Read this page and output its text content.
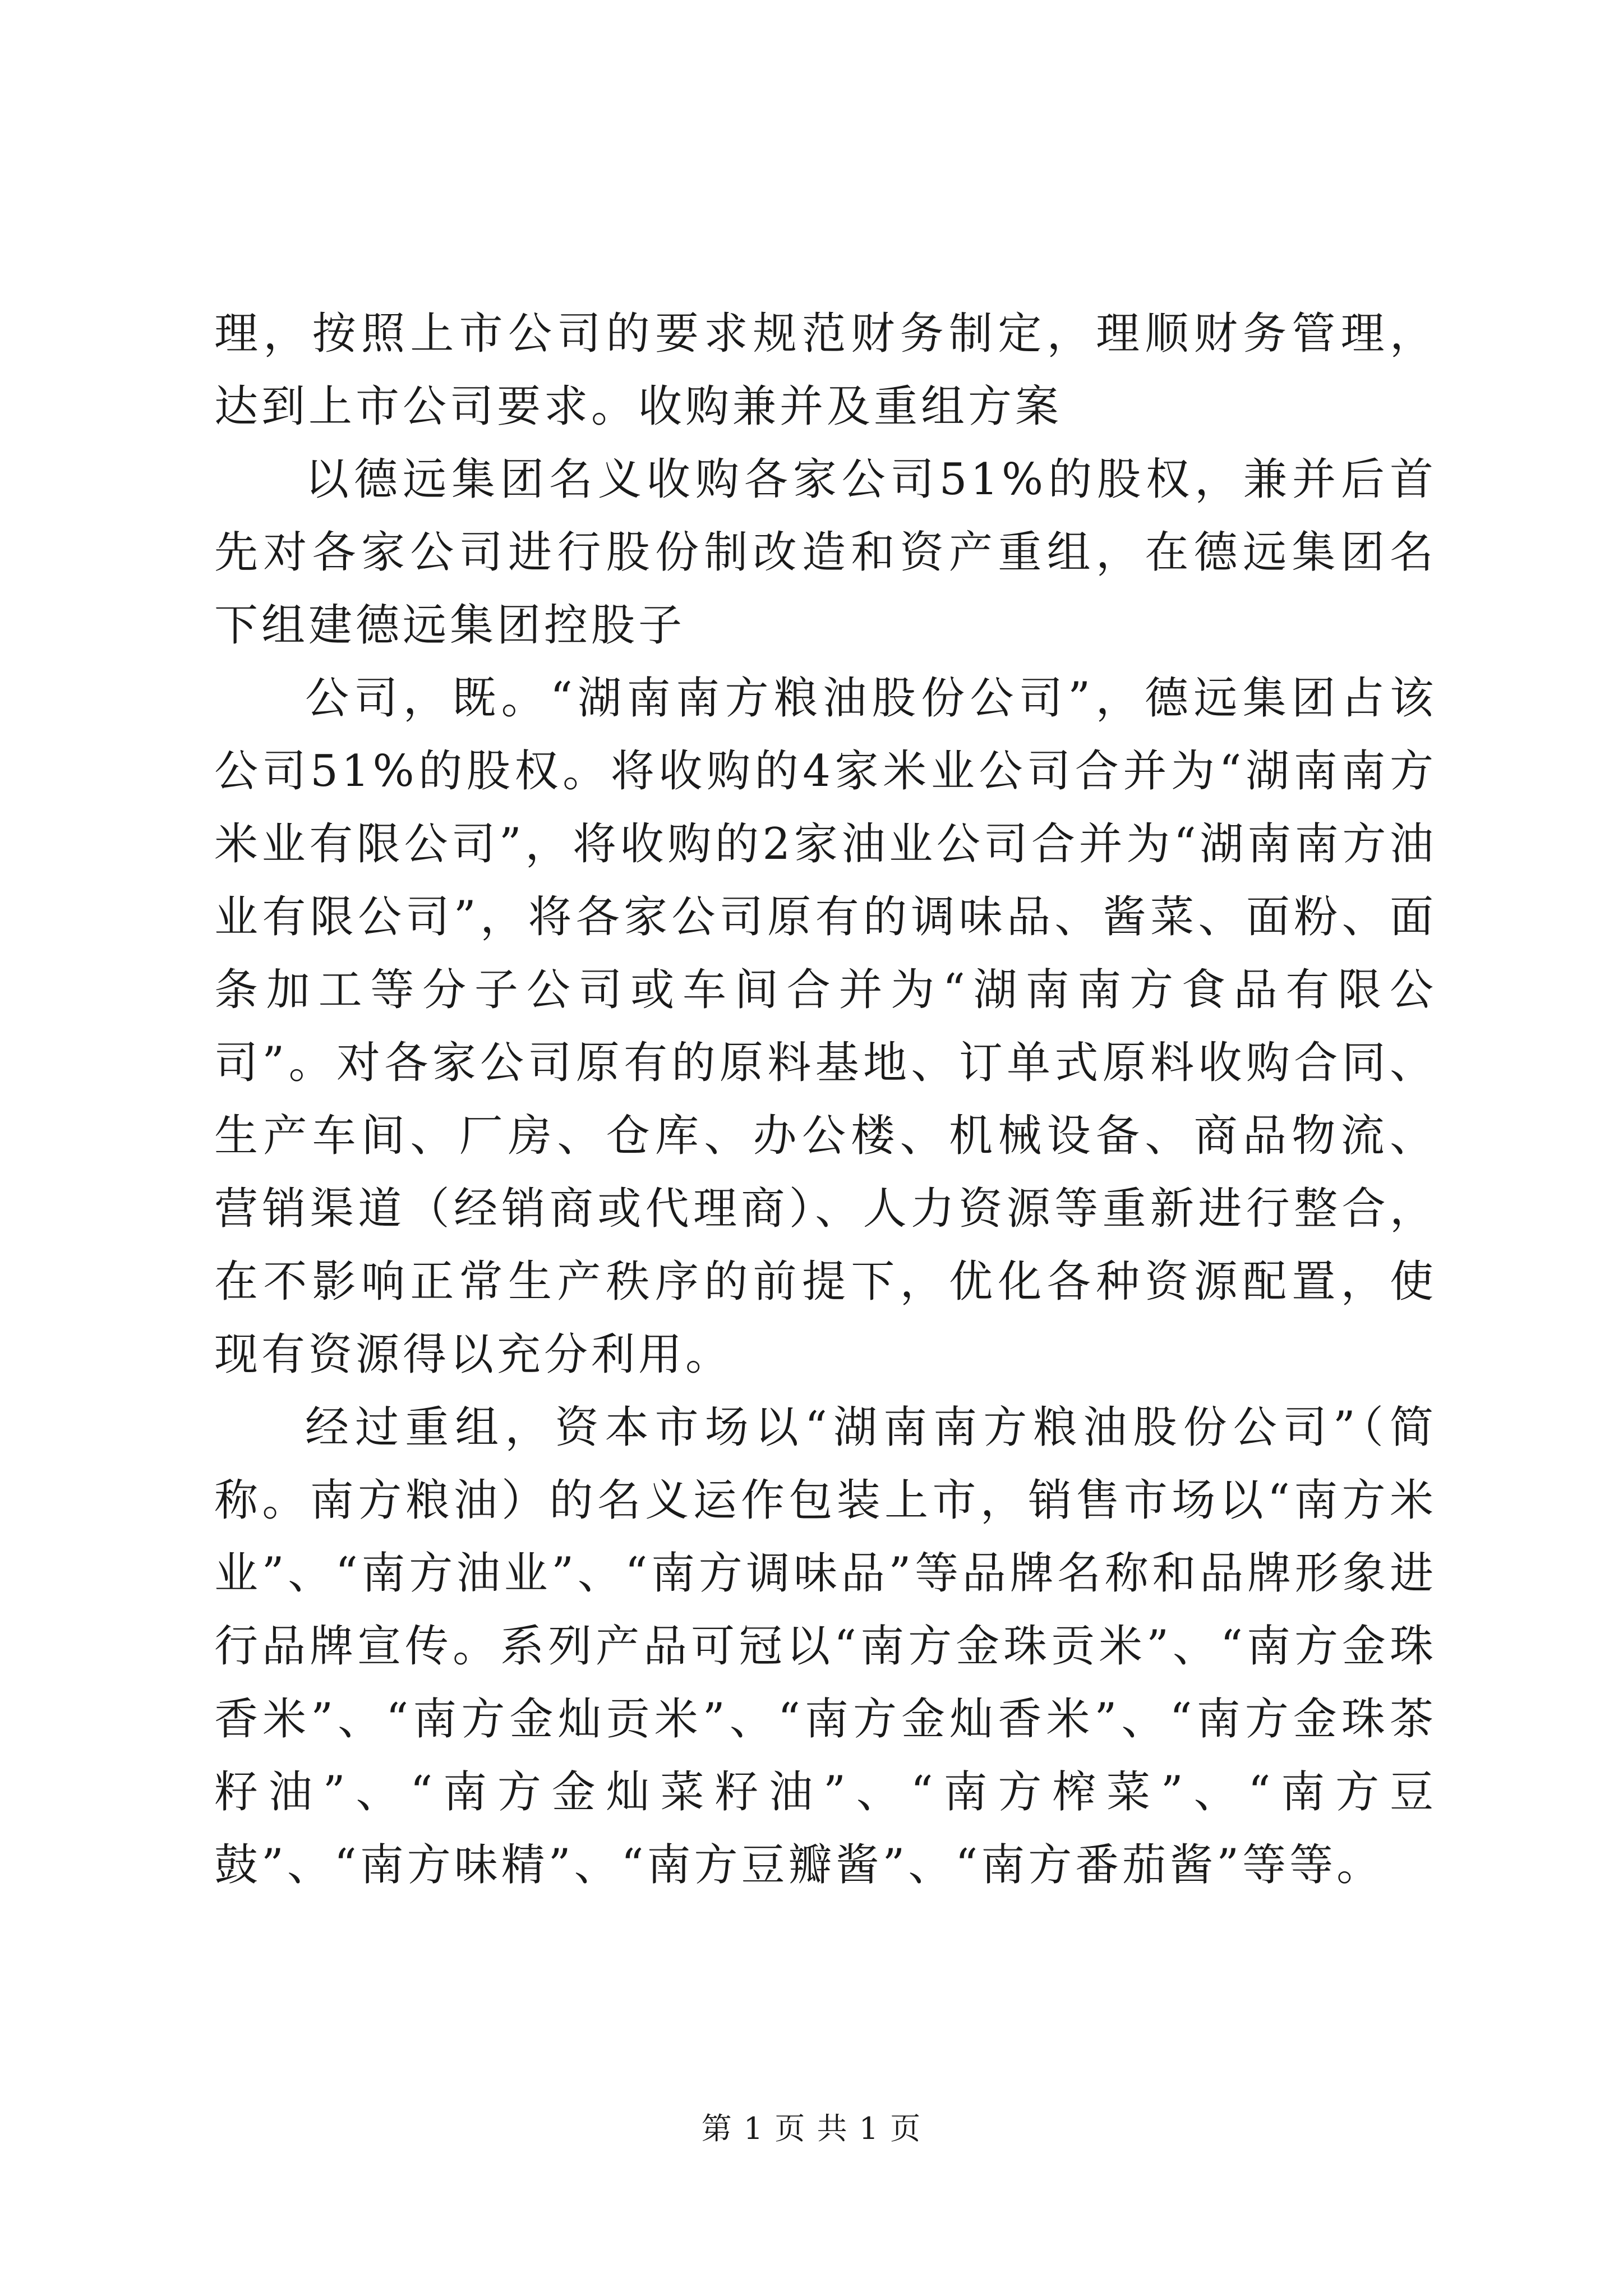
理，按照上市公司的要求规范财务制定，理顺财务管理，达到上市公司要求。收购兼并及重组方案

以德远集团名义收购各家公司51%的股权，兼并后首先对各家公司进行股份制改造和资产重组，在德远集团名下组建德远集团控股子

公司，既。“湖南南方粮油股份公司”，德远集团占该公司51%的股权。将收购的4家米业公司合并为“湖南南方米业有限公司”，将收购的2家油业公司合并为“湖南南方油业有限公司”，将各家公司原有的调味品、酱菜、面粉、面条加工等分子公司或车间合并为“湖南南方食品有限公司”。对各家公司原有的原料基地、订单式原料收购合同、生产车间、厂房、仓库、办公楼、机械设备、商品物流、营销渠道（经销商或代理商）、人力资源等重新进行整合，在不影响正常生产秩序的前提下，优化各种资源配置，使现有资源得以充分利用。

经过重组，资本市场以“湖南南方粮油股份公司”（简称。南方粮油）的名义运作包装上市，销售市场以“南方米业”、“南方油业”、“南方调味品”等品牌名称和品牌形象进行品牌宣传。系列产品可冠以“南方金珠贡米”、“南方金珠香米”、“南方金灿贡米”、“南方金灿香米”、“南方金珠茶籽油”、“南方金灿菜籽油”、“南方榨菜”、“南方豆鼓”、“南方味精”、“南方豆瓣酱”、“南方番茄酱”等等。

第 1 页 共 1 页
